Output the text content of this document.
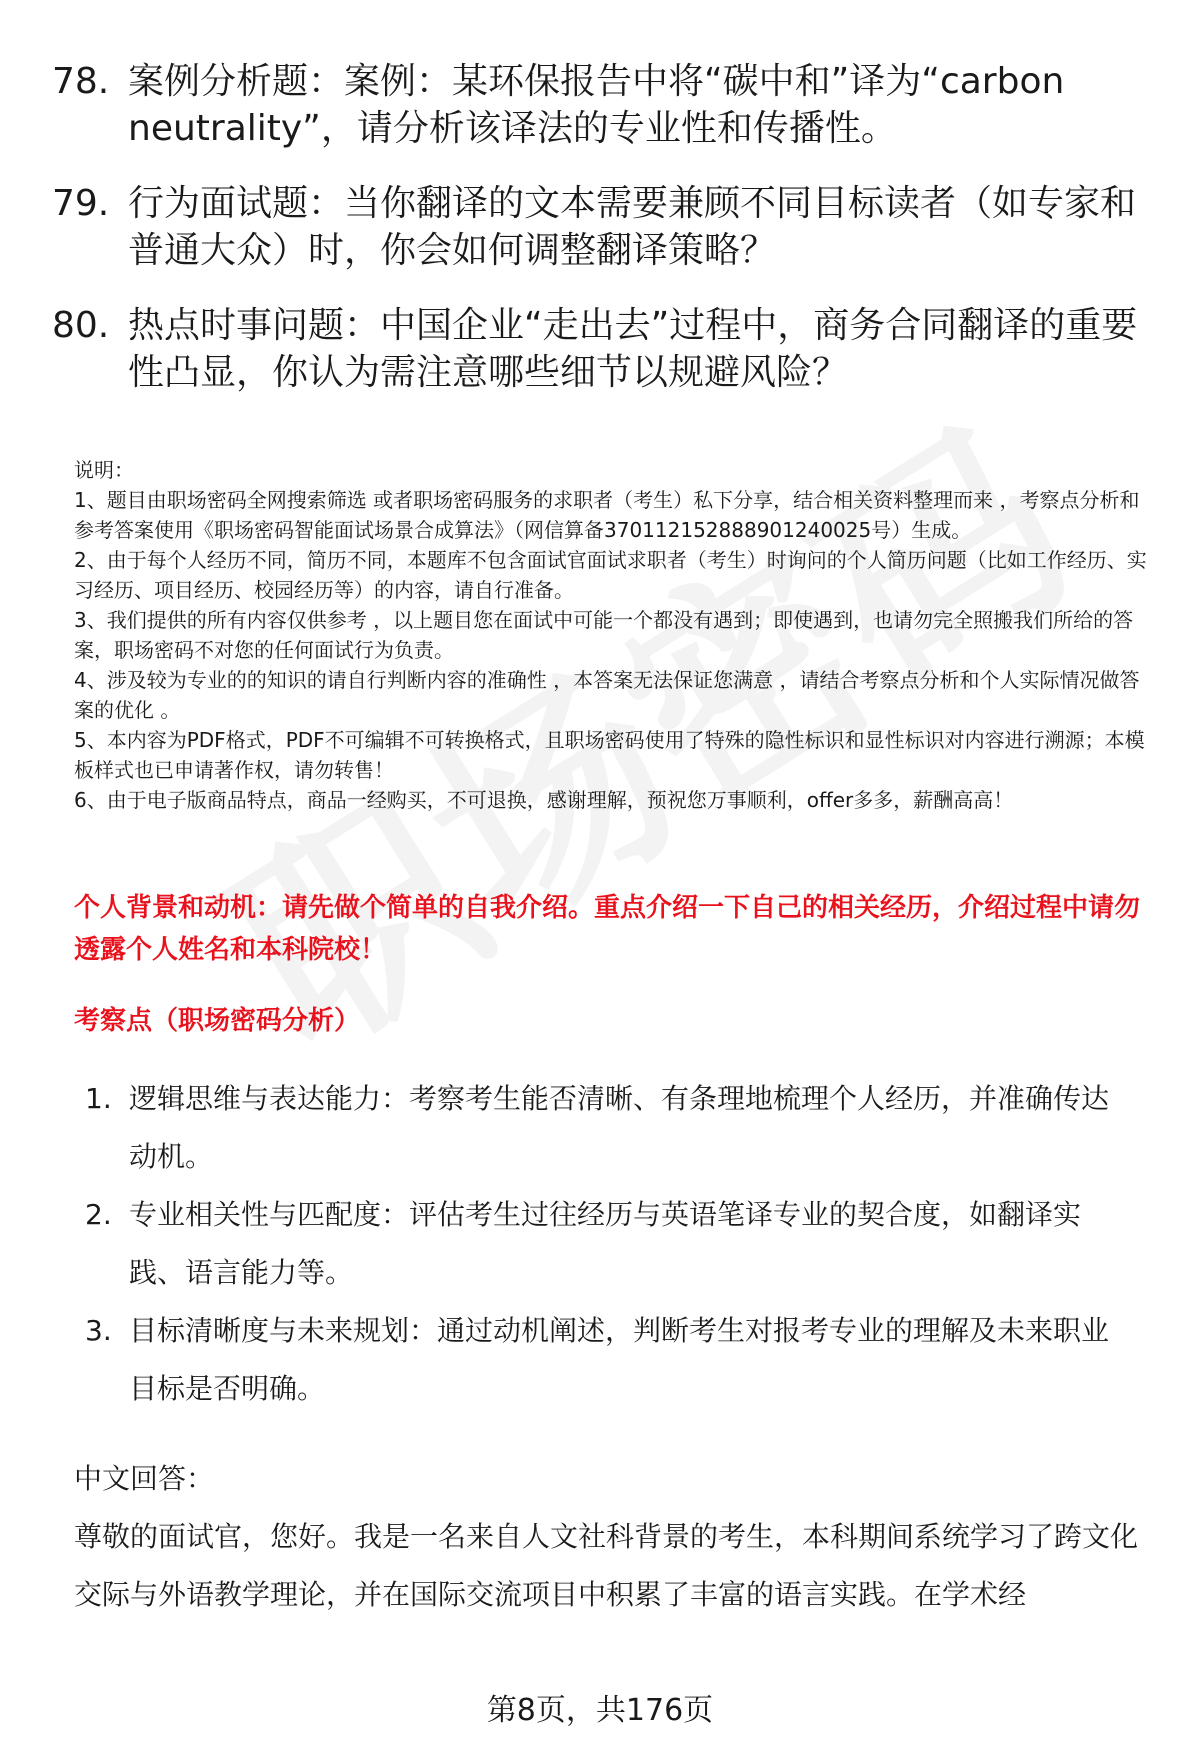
78. 案例分析题：案例：某环保报告中将“碳中和”译为“carbon neutrality”，请分析该译法的专业性和传播性。
79. 行为面试题：当你翻译的文本需要兼顾不同目标读者（如专家和普通大众）时，你会如何调整翻译策略？
80. 热点时事问题：中国企业“走出去”过程中，商务合同翻译的重要性凸显，你认为需注意哪些细节以规避风险？

说明：

1、题目由职场密码全网搜索筛选 或者职场密码服务的求职者（考生）私下分享，结合相关资料整理而来 ，考察点分析和参考答案使用《职场密码智能面试场景合成算法》（网信算备370112152888901240025号）生成。

2、由于每个人经历不同，简历不同，本题库不包含面试官面试求职者（考生）时询问的个人简历问题（比如工作经历、实习经历、项目经历、校园经历等）的内容，请自行准备。

3、我们提供的所有内容仅供参考 ，以上题目您在面试中可能一个都没有遇到；即使遇到，也请勿完全照搬我们所给的答案，职场密码不对您的任何面试行为负责。

4、涉及较为专业的的知识的请自行判断内容的准确性 ，本答案无法保证您满意 ，请结合考察点分析和个人实际情况做答案的优化 。

5、本内容为PDF格式，PDF不可编辑不可转换格式，且职场密码使用了特殊的隐性标识和显性标识对内容进行溯源；本模板样式也已申请著作权，请勿转售！

6、由于电子版商品特点，商品一经购买，不可退换，感谢理解，预祝您万事顺利，offer多多，薪酬高高！

个人背景和动机：请先做个简单的自我介绍。重点介绍一下自己的相关经历，介绍过程中请勿透露个人姓名和本科院校！

考察点（职场密码分析）

1. 逻辑思维与表达能力：考察考生能否清晰、有条理地梳理个人经历，并准确传达动机。
2. 专业相关性与匹配度：评估考生过往经历与英语笔译专业的契合度，如翻译实践、语言能力等。
3. 目标清晰度与未来规划：通过动机阐述，判断考生对报考专业的理解及未来职业目标是否明确。

中文回答：

尊敬的面试官，您好。我是一名来自人文社科背景的考生，本科期间系统学习了跨文化交际与外语教学理论，并在国际交流项目中积累了丰富的语言实践。在学术经

第8页，共176页
